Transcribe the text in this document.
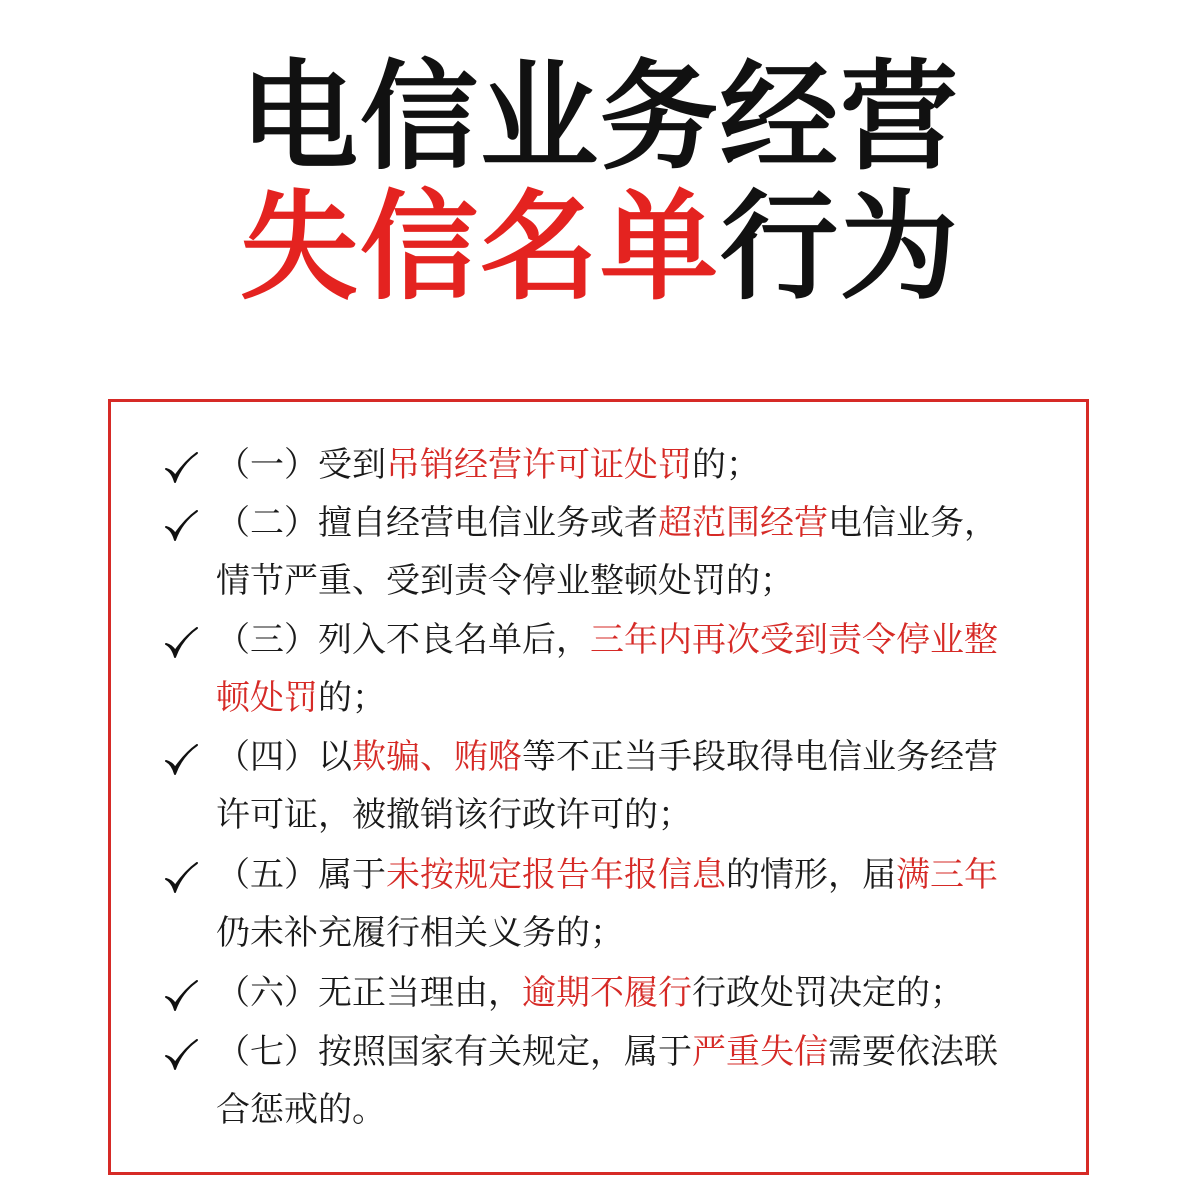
电信业务经营
失信名单行为
（一）受到吊销经营许可证处罚的；
（二）擅自经营电信业务或者超范围经营电信业务，
情节严重、受到责令停业整顿处罚的；
（三）列入不良名单后，三年内再次受到责令停业整
顿处罚的；
（四）以欺骗、贿赂等不正当手段取得电信业务经营
许可证，被撤销该行政许可的；
（五）属于未按规定报告年报信息的情形，届满三年
仍未补充履行相关义务的；
（六）无正当理由，逾期不履行行政处罚决定的；
（七）按照国家有关规定，属于严重失信需要依法联
合惩戒的。
